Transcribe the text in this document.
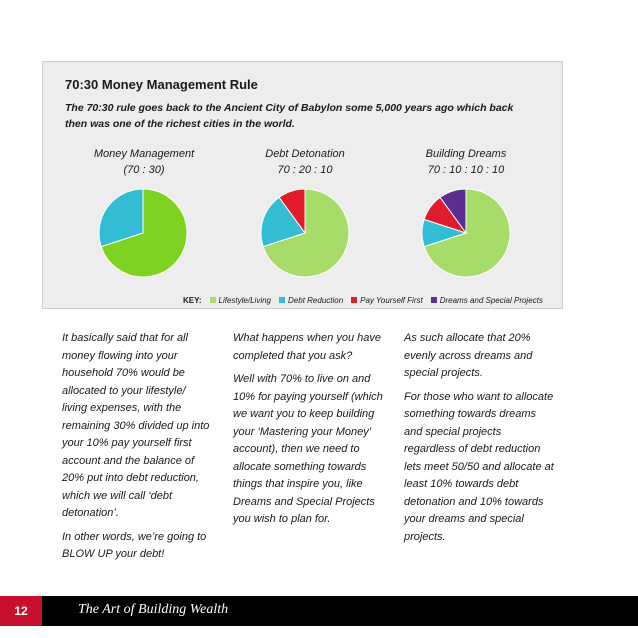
70:30 Money Management Rule
The 70:30 rule goes back to the Ancient City of Babylon some 5,000 years ago which back then was one of the richest cities in the world.
Money Management
(70 : 30)
Debt Detonation
70 : 20 : 10
Building Dreams
70 : 10 : 10 : 10
KEY: Lifestyle/Living Debt Reduction Pay Yourself First Dreams and Special Projects

It basically said that for all money flowing into your household 70% would be allocated to your lifestyle/ living expenses, with the remaining 30% divided up into your 10% pay yourself first account and the balance of 20% put into debt reduction, which we will call ‘debt detonation’.

In other words, we’re going to BLOW UP your debt!

What happens when you have completed that you ask?

Well with 70% to live on and 10% for paying yourself (which we want you to keep building your ‘Mastering your Money’ account), then we need to allocate something towards things that inspire you, like Dreams and Special Projects you wish to plan for.

As such allocate that 20% evenly across dreams and special projects.

For those who want to allocate something towards dreams and special projects regardless of debt reduction lets meet 50/50 and allocate at least 10% towards debt detonation and 10% towards your dreams and special projects.

12	The Art of Building Wealth
